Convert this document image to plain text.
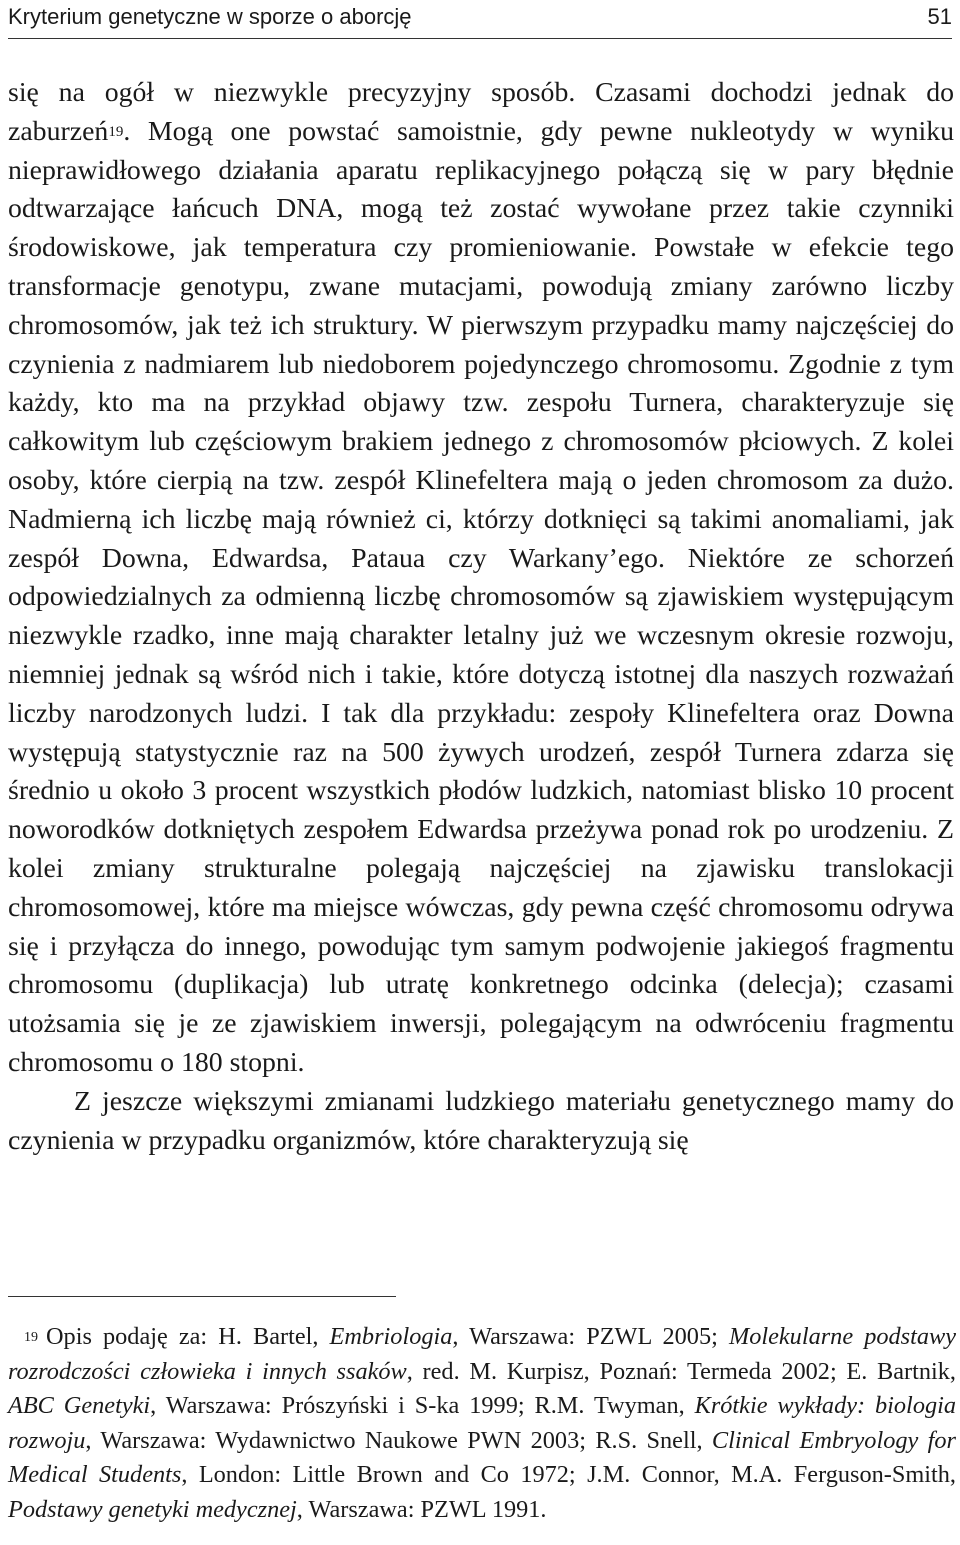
Kryterium genetyczne w sporze o aborcję	51

się na ogół w niezwykle precyzyjny sposób. Czasami dochodzi jednak do zaburzeń$^{19}$. Mogą one powstać samoistnie, gdy pewne nukleotydy w wyniku nieprawidłowego działania aparatu replikacyjnego połączą się w pary błędnie odtwarzające łańcuch DNA, mogą też zostać wywołane przez takie czynniki środowiskowe, jak temperatura czy promieniowanie. Powstałe w efekcie tego transformacje genotypu, zwane mutacjami, powodują zmiany zarówno liczby chromosomów, jak też ich struktury. W pierwszym przypadku mamy najczęściej do czynienia z nadmiarem lub niedoborem pojedynczego chromosomu. Zgodnie z tym każdy, kto ma na przykład objawy tzw. zespołu Turnera, charakteryzuje się całkowitym lub częściowym brakiem jednego z chromosomów płciowych. Z kolei osoby, które cierpią na tzw. zespół Klinefeltera mają o jeden chromosom za dużo. Nadmierną ich liczbę mają również ci, którzy dotknięci są takimi anomaliami, jak zespół Downa, Edwardsa, Pataua czy Warkany’ego. Niektóre ze schorzeń odpowiedzialnych za odmienną liczbę chromosomów są zjawiskiem występującym niezwykle rzadko, inne mają charakter letalny już we wczesnym okresie rozwoju, niemniej jednak są wśród nich i takie, które dotyczą istotnej dla naszych rozważań liczby narodzonych ludzi. I tak dla przykładu: zespoły Klinefeltera oraz Downa występują statystycznie raz na 500 żywych urodzeń, zespół Turnera zdarza się średnio u około 3 procent wszystkich płodów ludzkich, natomiast blisko 10 procent noworodków dotkniętych zespołem Edwardsa przeżywa ponad rok po urodzeniu. Z kolei zmiany strukturalne polegają najczęściej na zjawisku translokacji chromosomowej, które ma miejsce wówczas, gdy pewna część chromosomu odrywa się i przyłącza do innego, powodując tym samym podwojenie jakiegoś fragmentu chromosomu (duplikacja) lub utratę konkretnego odcinka (delecja); czasami utożsamia się je ze zjawiskiem inwersji, polegającym na odwróceniu fragmentu chromosomu o 180 stopni.

Z jeszcze większymi zmianami ludzkiego materiału genetycznego mamy do czynienia w przypadku organizmów, które charakteryzują się

$^{19}$ Opis podaję za: H. Bartel, Embriologia, Warszawa: PZWL 2005; Molekularne podstawy rozrodczości człowieka i innych ssaków, red. M. Kurpisz, Poznań: Termeda 2002; E. Bartnik, ABC Genetyki, Warszawa: Prószyński i S-ka 1999; R.M. Twyman, Krótkie wykłady: biologia rozwoju, Warszawa: Wydawnictwo Naukowe PWN 2003; R.S. Snell, Clinical Embryology for Medical Students, London: Little Brown and Co 1972; J.M. Connor, M.A. Ferguson-Smith, Podstawy genetyki medycznej, Warszawa: PZWL 1991.
